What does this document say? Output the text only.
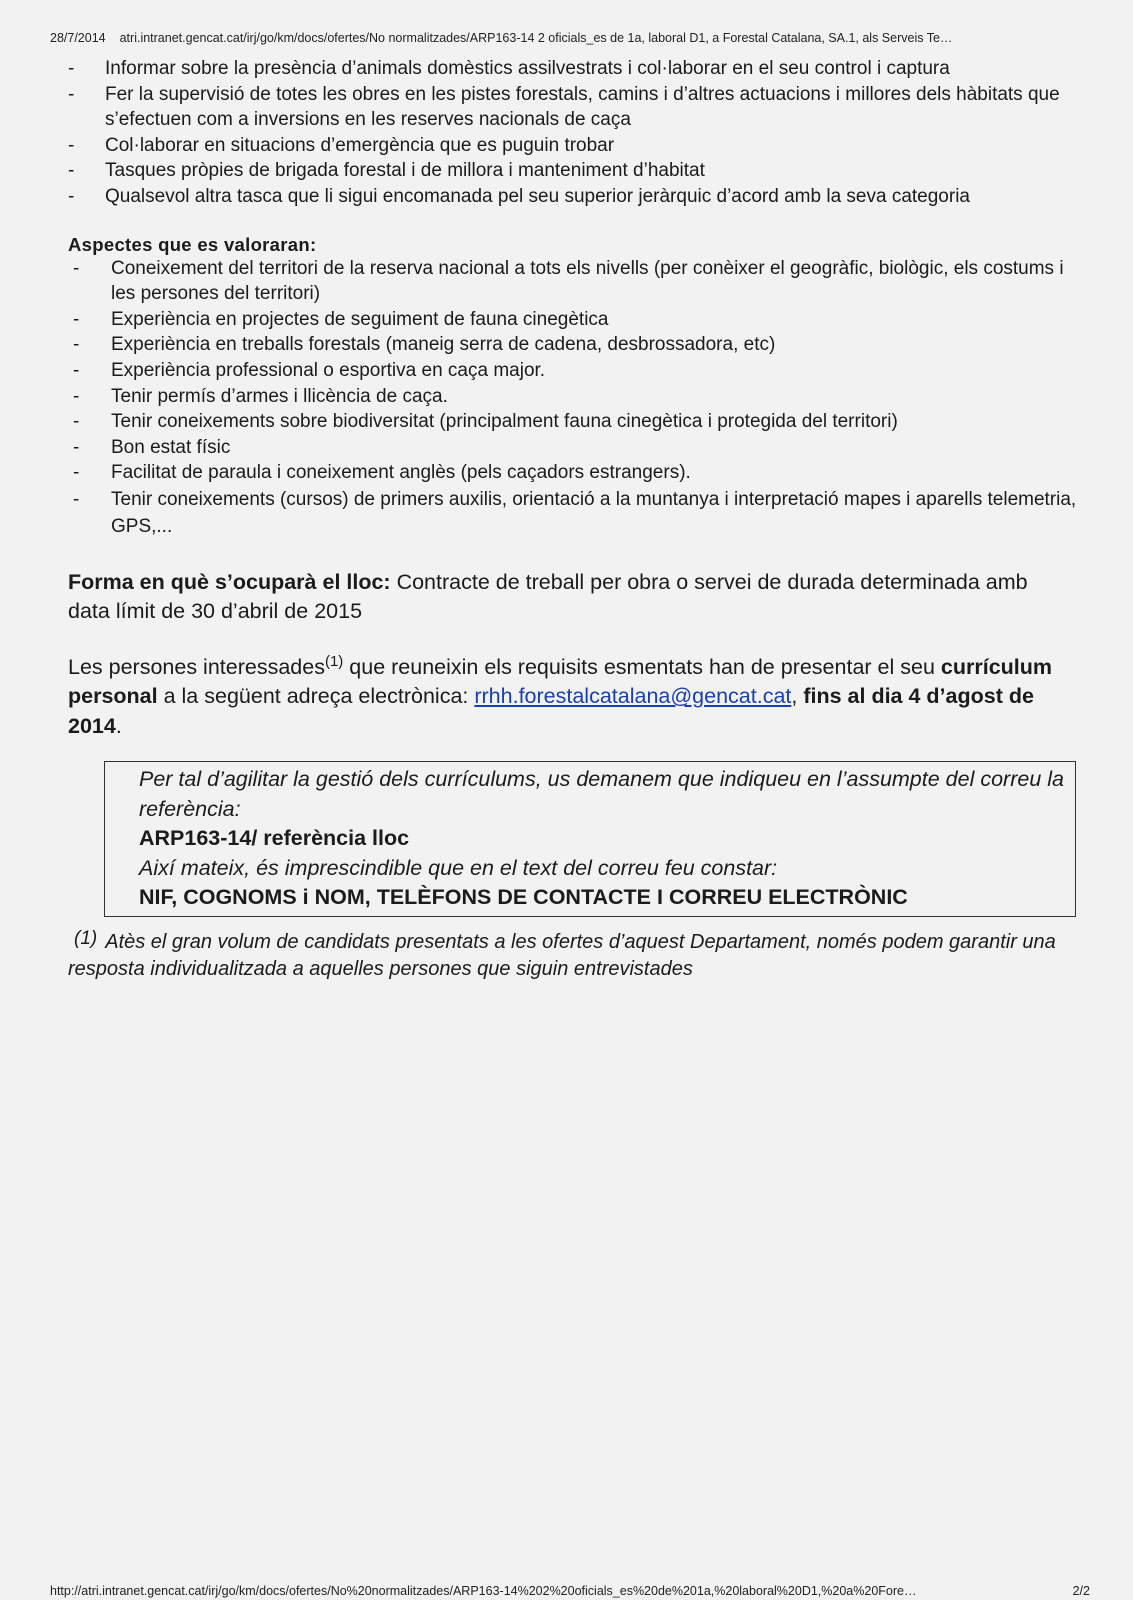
28/7/2014 atri.intranet.gencat.cat/irj/go/km/docs/ofertes/No normalitzades/ARP163-14 2 oficials_es de 1a, laboral D1, a Forestal Catalana, SA.1, als Serveis Te…
- Informar sobre la presència d’animals domèstics assilvestrats i col·laborar en el seu control i captura
- Fer la supervisió de totes les obres en les pistes forestals, camins i d’altres actuacions i millores dels hàbitats que s’efectuen com a inversions en les reserves nacionals de caça
- Col·laborar en situacions d’emergència que es puguin trobar
- Tasques pròpies de brigada forestal i de millora i manteniment d’habitat
- Qualsevol altra tasca que li sigui encomanada pel seu superior jeràrquic d’acord amb la seva categoria
Aspectes que es valoraran:
- Coneixement del territori de la reserva nacional a tots els nivells (per conèixer el geogràfic, biològic, els costums i les persones del territori)
- Experiència en projectes de seguiment de fauna cinegètica
- Experiència en treballs forestals (maneig serra de cadena, desbrossadora, etc)
- Experiència professional o esportiva en caça major.
- Tenir permís d’armes i llicència de caça.
- Tenir coneixements sobre biodiversitat (principalment fauna cinegètica i protegida del territori)
- Bon estat físic
- Facilitat de paraula i coneixement anglès (pels caçadors estrangers).
- Tenir coneixements (cursos) de primers auxilis, orientació a la muntanya i interpretació mapes i aparells telemetria, GPS,...
Forma en què s’ocuparà el lloc: Contracte de treball per obra o servei de durada determinada amb data límit de 30 d’abril de 2015
Les persones interessades$^{(1)}$ que reuneixin els requisits esmentats han de presentar el seu currículum personal a la següent adreça electrònica: rrhh.forestalcatalana@gencat.cat, fins al dia 4 d’agost de 2014.
Per tal d’agilitar la gestió dels currículums, us demanem que indiqueu en l’assumpte del correu la referència:
ARP163-14/ referència lloc
Així mateix, és imprescindible que en el text del correu feu constar:
NIF, COGNOMS i NOM, TELÈFONS DE CONTACTE I CORREU ELECTRÒNIC
(1) Atès el gran volum de candidats presentats a les ofertes d’aquest Departament, només podem garantir una resposta individualitzada a aquelles persones que siguin entrevistades
http://atri.intranet.gencat.cat/irj/go/km/docs/ofertes/No%20normalitzades/ARP163-14%202%20oficials_es%20de%201a,%20laboral%20D1,%20a%20Fore…	2/2
